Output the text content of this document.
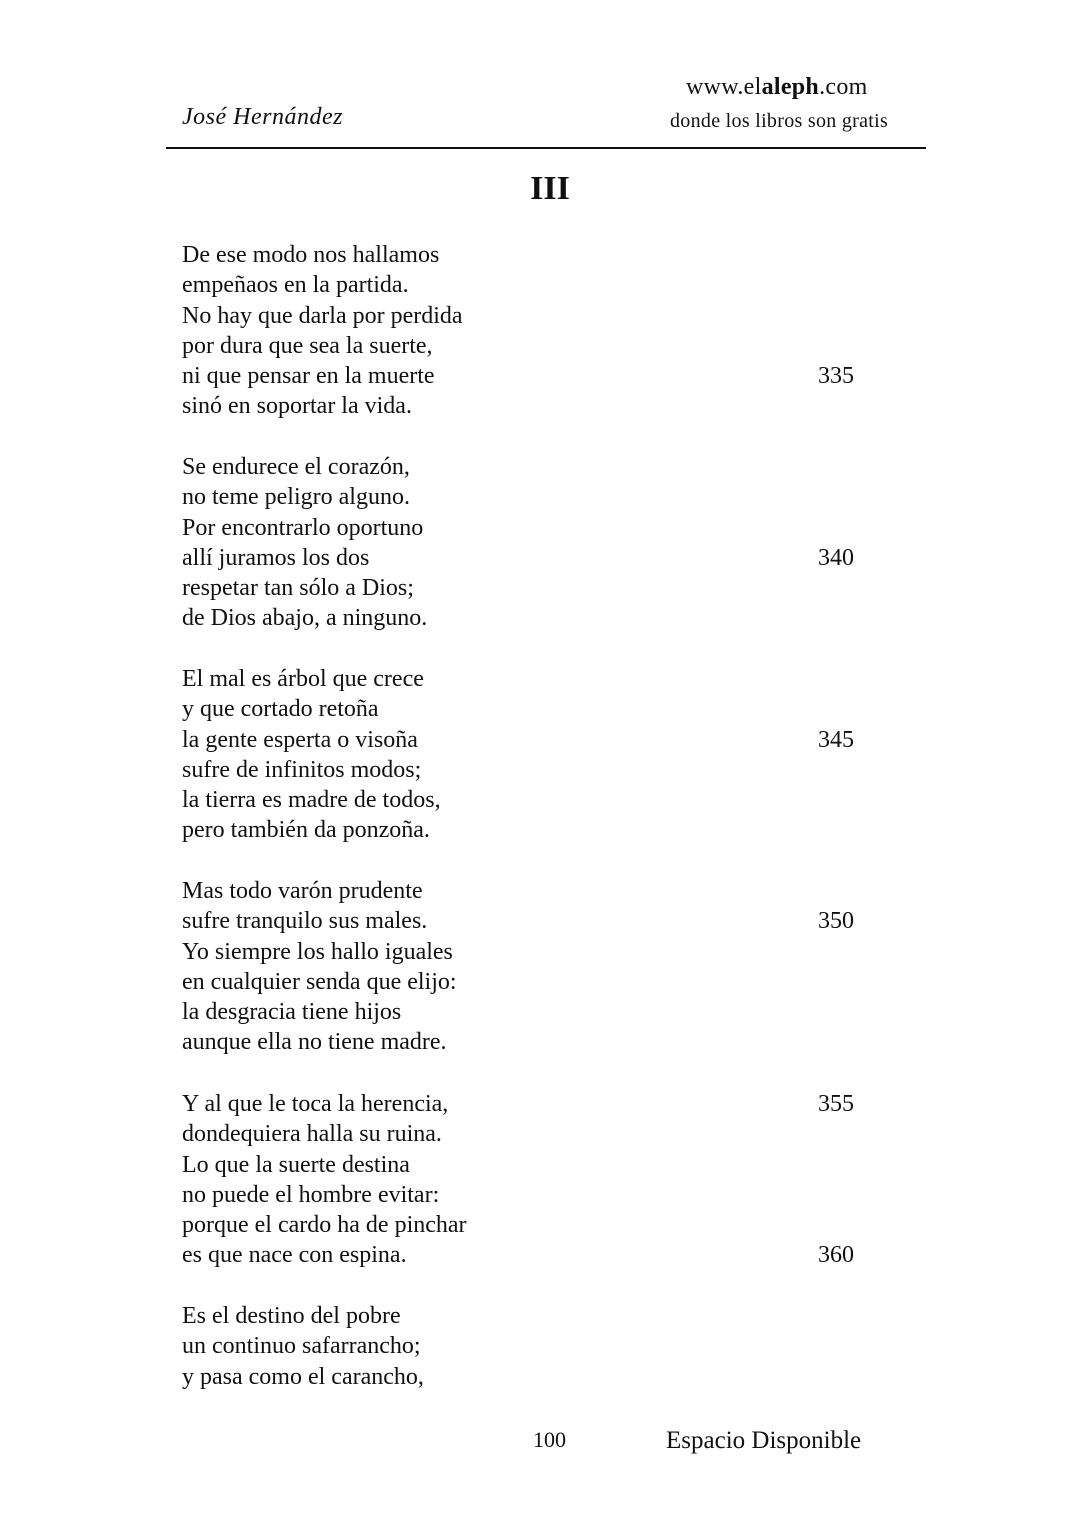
José Hernández
www.elaleph.com
donde los libros son gratis
III
De ese modo nos hallamos
empeñaos en la partida.
No hay que darla por perdida
por dura que sea la suerte,
ni que pensar en la muerte	335
sinó en soportar la vida.
Se endurece el corazón,
no teme peligro alguno.
Por encontrarlo oportuno
allí juramos los dos	340
respetar tan sólo a Dios;
de Dios abajo, a ninguno.
El mal es árbol que crece
y que cortado retoña
la gente esperta o visoña	345
sufre de infinitos modos;
la tierra es madre de todos,
pero también da ponzoña.
Mas todo varón prudente
sufre tranquilo sus males.	350
Yo siempre los hallo iguales
en cualquier senda que elijo:
la desgracia tiene hijos
aunque ella no tiene madre.
Y al que le toca la herencia,	355
dondequiera halla su ruina.
Lo que la suerte destina
no puede el hombre evitar:
porque el cardo ha de pinchar
es que nace con espina.	360
Es el destino del pobre
un continuo safarrancho;
y pasa como el carancho,
100	Espacio Disponible
